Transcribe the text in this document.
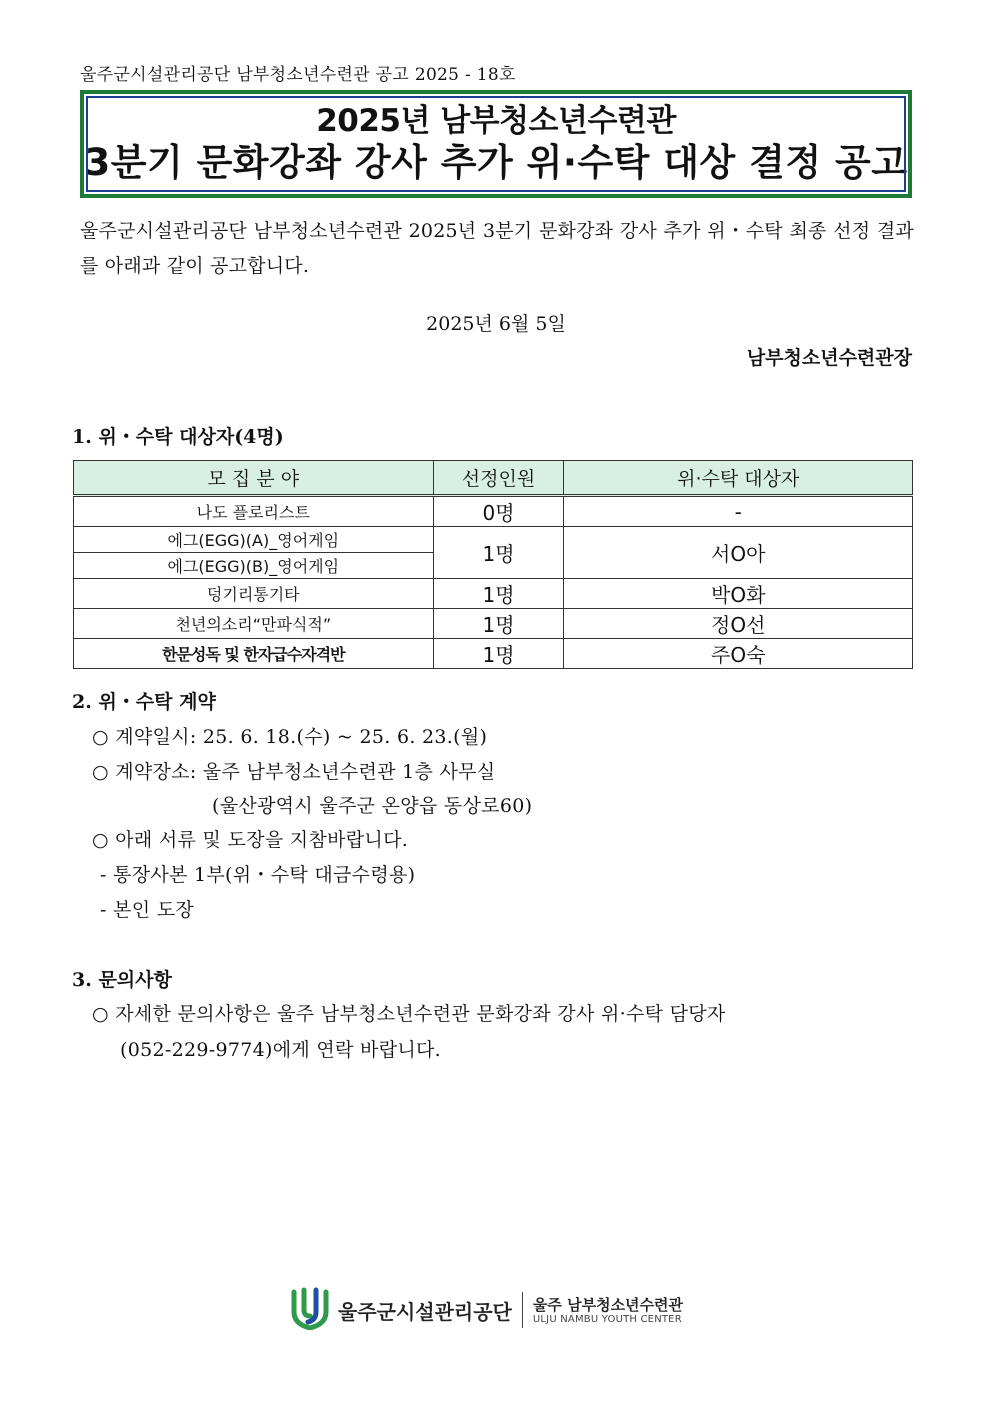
울주군시설관리공단 남부청소년수련관 공고 2025 - 18호
2025년 남부청소년수련관
3분기 문화강좌 강사 추가 위·수탁 대상 결정 공고
울주군시설관리공단 남부청소년수련관 2025년 3분기 문화강좌 강사 추가 위・수탁 최종 선정 결과를 아래과 같이 공고합니다.
2025년 6월 5일
남부청소년수련관장
1. 위・수탁 대상자(4명)
모 집 분 야	선정인원	위·수탁 대상자
나도 플로리스트	0명	-
에그(EGG)(A)_영어게임	1명	서O아
에그(EGG)(B)_영어게임		
덩기리통기타	1명	박O화
천년의소리“만파식적”	1명	정O선
한문성독 및 한자급수자격반	1명	주O숙
2. 위・수탁 계약
○ 계약일시: 25. 6. 18.(수) ~ 25. 6. 23.(월)
○ 계약장소: 울주 남부청소년수련관 1층 사무실
(울산광역시 울주군 온양읍 동상로60)
○ 아래 서류 및 도장을 지참바랍니다.
- 통장사본 1부(위・수탁 대금수령용)
- 본인 도장
3. 문의사항
○ 자세한 문의사항은 울주 남부청소년수련관 문화강좌 강사 위·수탁 담당자
(052-229-9774)에게 연락 바랍니다.
울주군시설관리공단 울주 남부청소년수련관
ULJU NAMBU YOUTH CENTER
